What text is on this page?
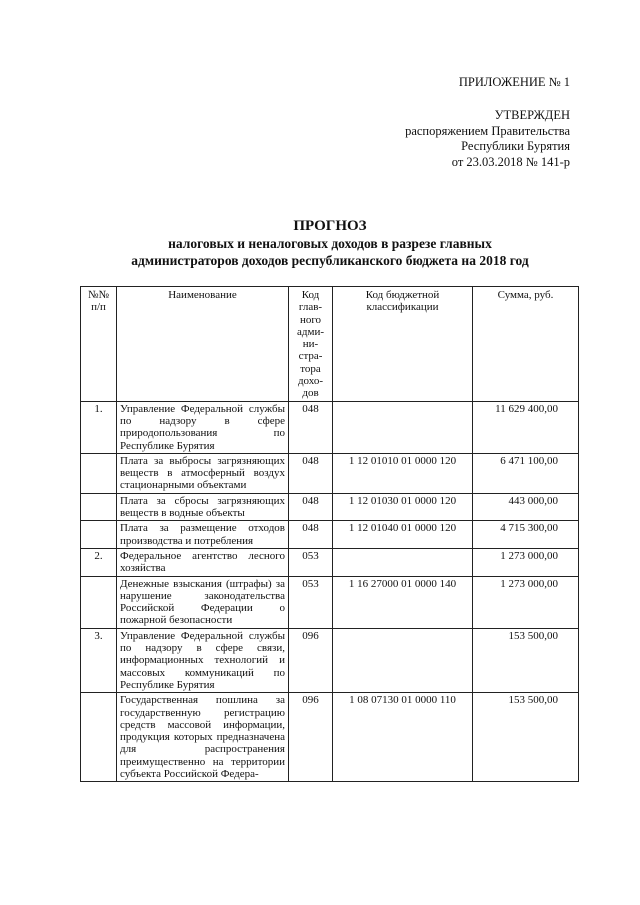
ПРИЛОЖЕНИЕ № 1
УТВЕРЖДЕН
распоряжением Правительства
Республики Бурятия
от 23.03.2018 № 141-р
ПРОГНОЗ
налоговых и неналоговых доходов в разрезе главных
администраторов доходов республиканского бюджета на 2018 год
№№ п/п	Наименование	Код глав-ного адми-ни-стра-тора дохо-дов	Код бюджетной классификации	Сумма, руб.
1.	Управление Федеральной службы по надзору в сфере природопользования по Республике Бурятия	048		11 629 400,00
	Плата за выбросы загрязняющих веществ в атмосферный воздух стационарными объектами	048	1 12 01010 01 0000 120	6 471 100,00
	Плата за сбросы загрязняющих веществ в водные объекты	048	1 12 01030 01 0000 120	443 000,00
	Плата за размещение отходов производства и потребления	048	1 12 01040 01 0000 120	4 715 300,00
2.	Федеральное агентство лесного хозяйства	053		1 273 000,00
	Денежные взыскания (штрафы) за нарушение законодательства Российской Федерации о пожарной безопасности	053	1 16 27000 01 0000 140	1 273 000,00
3.	Управление Федеральной службы по надзору в сфере связи, информационных технологий и массовых коммуникаций по Республике Бурятия	096		153 500,00
	Государственная пошлина за государственную регистрацию средств массовой информации, продукция которых предназначена для распространения преимущественно на территории субъекта Российской Федера-	096	1 08 07130 01 0000 110	153 500,00
